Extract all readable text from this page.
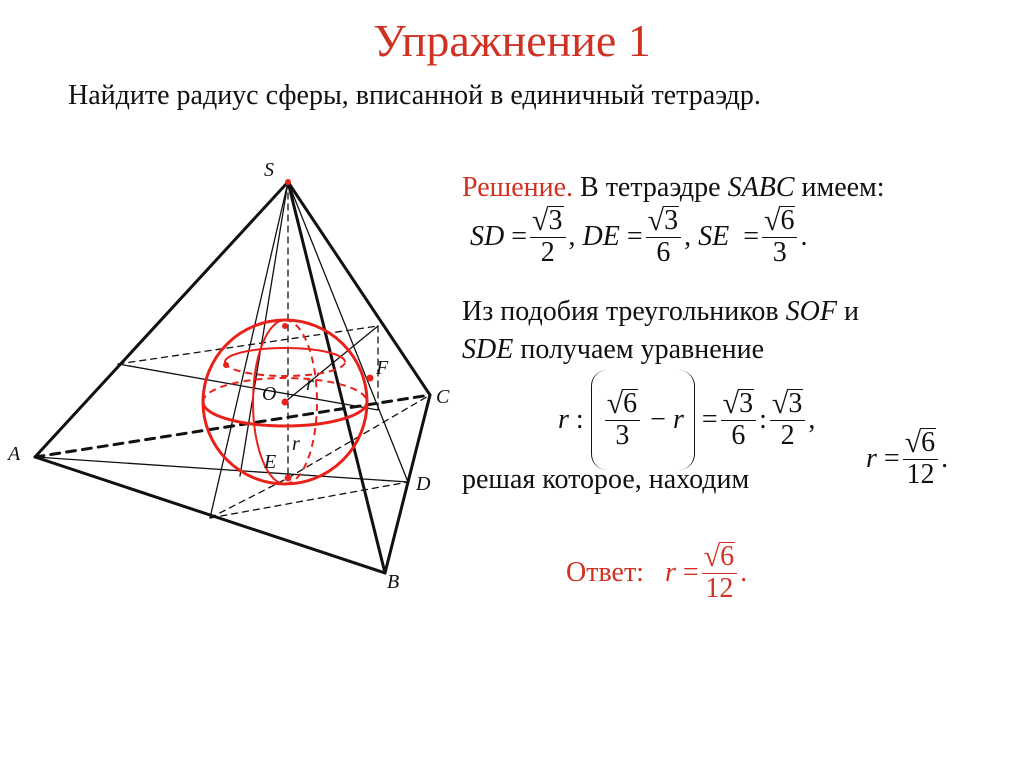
Упражнение 1
Найдите радиус сферы, вписанной в единичный тетраэдр.
S
A
B
C
D
E
F
O r
r
Решение. В тетраэдре SABC имеем:
SD = $\frac{√ 3}{2}$ , DE = $\frac{√ 3}{6}$ , SE = $\frac{√ 6}{3}$ .
Из подобия треугольников SOF и
SDE получаем уравнение
r : $\frac{√ 6}{3} - r = \frac{√ 3}{6}$ : $\frac{√ 3}{2}$ ,
решая которое, находим
$r = \frac{√ 6}{12}$ .
Ответ:
r
= $\frac{√ 6}{12}$ .
